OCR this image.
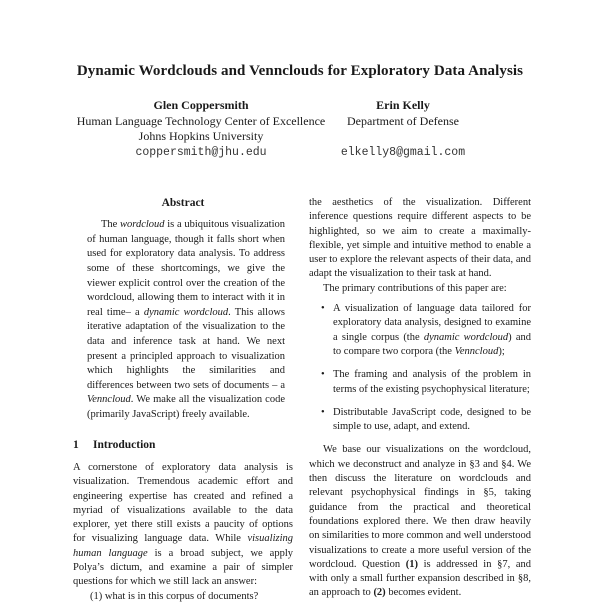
Dynamic Wordclouds and Vennclouds for Exploratory Data Analysis
Glen Coppersmith
Human Language Technology Center of Excellence
Johns Hopkins University
coppersmith@jhu.edu
Erin Kelly
Department of Defense

elkelly8@gmail.com
Abstract

The wordcloud is a ubiquitous visualization of human language, though it falls short when used for exploratory data analysis. To address some of these shortcomings, we give the viewer explicit control over the creation of the wordcloud, allowing them to interact with it in real time– a dynamic wordcloud. This allows iterative adaptation of the visualization to the data and inference task at hand. We next present a principled approach to visualization which highlights the similarities and differences between two sets of documents – a Venncloud. We make all the visualization code (primarily JavaScript) freely available.

1 Introduction

A cornerstone of exploratory data analysis is visualization. Tremendous academic effort and engineering expertise has created and refined a myriad of visualizations available to the data explorer, yet there still exists a paucity of options for visualizing language data. While visualizing human language is a broad subject, we apply Polya’s dictum, and examine a pair of simpler questions for which we still lack an answer:

(1) what is in this corpus of documents?

the aesthetics of the visualization. Different inference questions require different aspects to be highlighted, so we aim to create a maximally-flexible, yet simple and intuitive method to enable a user to explore the relevant aspects of their data, and adapt the visualization to their task at hand.

The primary contributions of this paper are:

• A visualization of language data tailored for exploratory data analysis, designed to examine a single corpus (the dynamic wordcloud) and to compare two corpora (the Venncloud);
• The framing and analysis of the problem in terms of the existing psychophysical literature;
• Distributable JavaScript code, designed to be simple to use, adapt, and extend.

We base our visualizations on the wordcloud, which we deconstruct and analyze in §3 and §4. We then discuss the literature on wordclouds and relevant psychophysical findings in §5, taking guidance from the practical and theoretical foundations explored there. We then draw heavily on similarities to more common and well understood visualizations to create a more useful version of the wordcloud. Question (1) is addressed in §7, and with only a small further expansion described in §8, an approach to (2) becomes evident.
